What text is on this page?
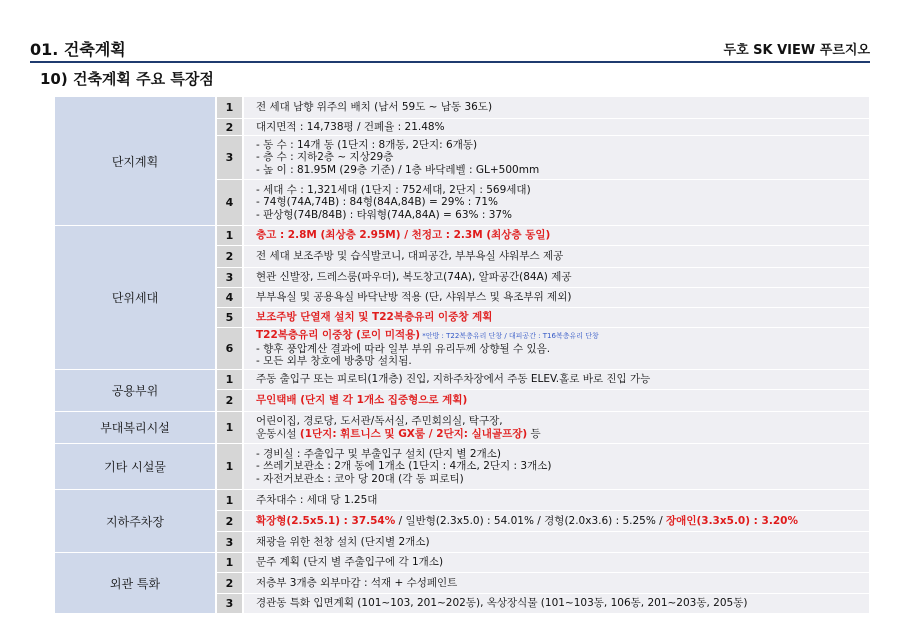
01. 건축계획	두호 SK VIEW 푸르지오
10) 건축계획 주요 특장점
단지계획	1	전 세대 남향 위주의 배치 (남서 59도 ~ 남동 36도)
	2	대지면적 : 14,738평 / 건폐율 : 21.48%
	3	- 동 수 : 14개 동 (1단지 : 8개동, 2단지: 6개동)
- 층 수 : 지하2층 ~ 지상29층
- 높 이 : 81.95M (29층 기준) / 1층 바닥레벨 : GL+500mm

	4	- 세대 수 : 1,321세대 (1단지 : 752세대, 2단지 : 569세대)
- 74형(74A,74B) : 84형(84A,84B) = 29% : 71%
- 판상형(74B/84B) : 타워형(74A,84A) = 63% : 37%

단위세대	1	층고 : 2.8M (최상층 2.95M) / 천정고 : 2.3M (최상층 동일)
	2	전 세대 보조주방 및 습식발코니, 대피공간, 부부욕실 샤워부스 제공
	3	현관 신발장, 드레스룸(파우더), 복도창고(74A), 알파공간(84A) 제공
	4	부부욕실 및 공용욕실 바닥난방 적용 (단, 샤워부스 및 욕조부위 제외)
	5	보조주방 단열재 설치 및 T22복층유리 이중창 계획
	6	T22복층유리 이중창 (로이 미적용) *안방 : T22복층유리 단창 / 대피공간 : T16복층유리 단창
- 향후 풍압계산 결과에 따라 일부 부위 유리두께 상향될 수 있음.
- 모든 외부 창호에 방충망 설치됨.

공용부위	1	주동 출입구 또는 피로티(1개층) 진입, 지하주차장에서 주동 ELEV.홀로 바로 진입 가능
	2	무인택배 (단지 별 각 1개소 집중형으로 계획)
부대복리시설	1	어린이집, 경로당, 도서관/독서실, 주민회의실, 탁구장,
운동시설 (1단지: 휘트니스 및 GX룸 / 2단지: 실내골프장) 등

기타 시설물	1	- 경비실 : 주출입구 및 부출입구 설치 (단지 별 2개소)
- 쓰레기보관소 : 2개 동에 1개소 (1단지 : 4개소, 2단지 : 3개소)
- 자전거보관소 : 코아 당 20대 (각 동 피로티)

지하주차장	1	주차대수 : 세대 당 1.25대
	2	확장형(2.5x5.1) : 37.54% / 일반형(2.3x5.0) : 54.01% / 경형(2.0x3.6) : 5.25% / 장애인(3.3x5.0) : 3.20%
	3	채광을 위한 천창 설치 (단지별 2개소)
외관 특화	1	문주 계획 (단지 별 주출입구에 각 1개소)
	2	저층부 3개층 외부마감 : 석재 + 수성페인트
	3	경관동 특화 입면계획 (101~103, 201~202동), 옥상장식물 (101~103동, 106동, 201~203동, 205동)
